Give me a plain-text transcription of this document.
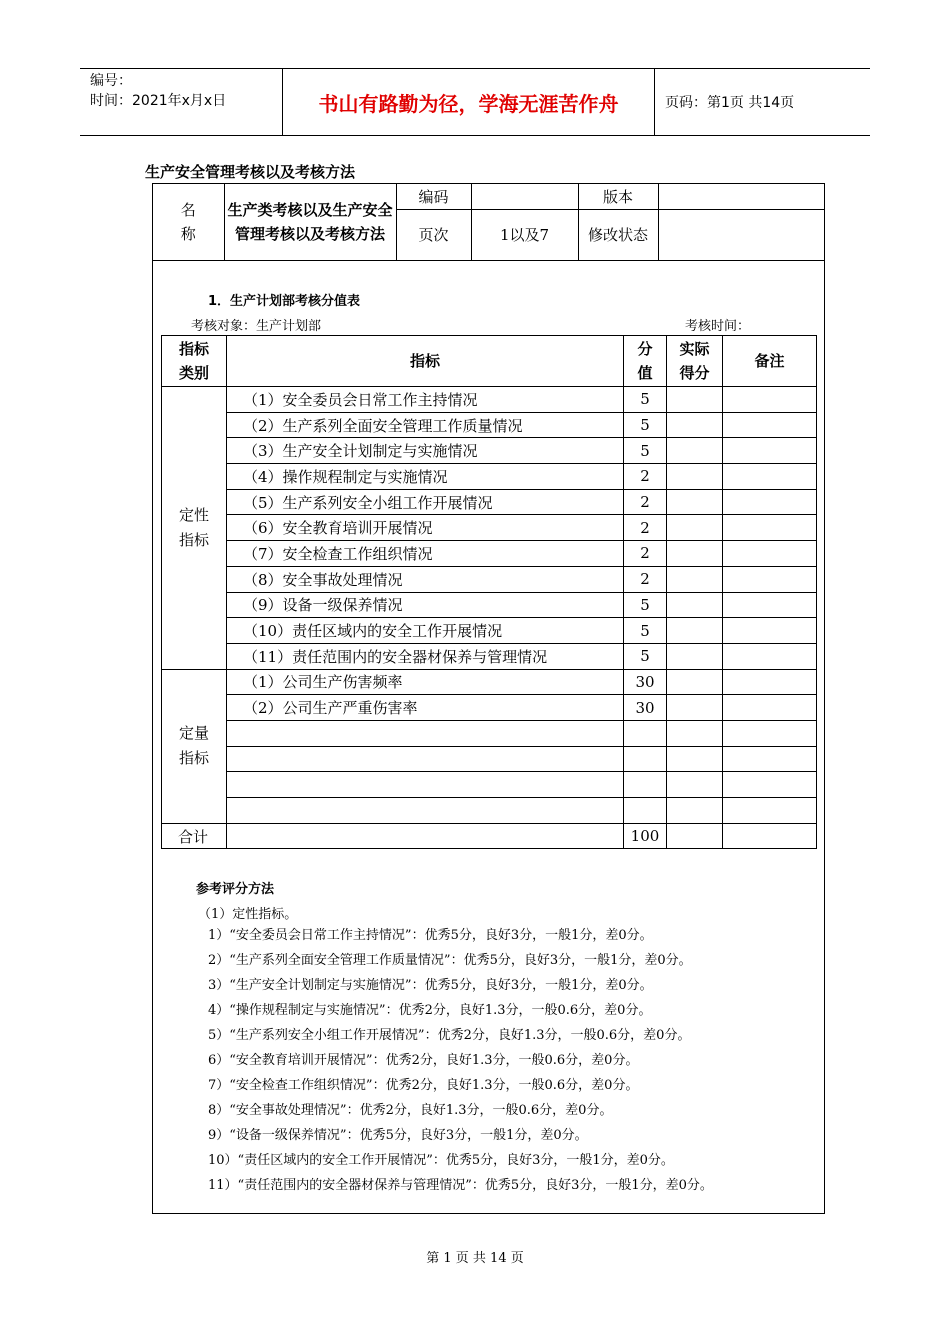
编号：
时间：2021年x月x日	书山有路勤为径，学海无涯苦作舟	页码：第1页 共14页
生产安全管理考核以及考核方法
名称	生产类考核以及生产安全管理考核以及考核方法	编码		版本	
		页次	1以及7	修改状态	
1．生产计划部考核分值表
考核对象：生产计划部	考核时间：
指标类别	指标	分值	实际得分	备注
定性指标	（1）安全委员会日常工作主持情况	5		
	（2）生产系列全面安全管理工作质量情况	5		
	（3）生产安全计划制定与实施情况	5		
	（4）操作规程制定与实施情况	2		
	（5）生产系列安全小组工作开展情况	2		
	（6）安全教育培训开展情况	2		
	（7）安全检查工作组织情况	2		
	（8）安全事故处理情况	2		
	（9）设备一级保养情况	5		
	（10）责任区域内的安全工作开展情况	5		
	（11）责任范围内的安全器材保养与管理情况	5		
定量指标	（1）公司生产伤害频率	30		
	（2）公司生产严重伤害率	30		

合计		100		
参考评分方法
（1）定性指标。
1）“安全委员会日常工作主持情况”：优秀5分，良好3分，一般1分，差0分。
2）“生产系列全面安全管理工作质量情况”：优秀5分，良好3分，一般1分，差0分。
3）“生产安全计划制定与实施情况”：优秀5分，良好3分，一般1分，差0分。
4）“操作规程制定与实施情况”：优秀2分，良好1.3分，一般0.6分，差0分。
5）“生产系列安全小组工作开展情况”：优秀2分，良好1.3分，一般0.6分，差0分。
6）“安全教育培训开展情况”：优秀2分，良好1.3分，一般0.6分，差0分。
7）“安全检查工作组织情况”：优秀2分，良好1.3分，一般0.6分，差0分。
8）“安全事故处理情况”：优秀2分，良好1.3分，一般0.6分，差0分。
9）“设备一级保养情况”：优秀5分，良好3分，一般1分，差0分。
10）“责任区域内的安全工作开展情况”：优秀5分，良好3分，一般1分，差0分。
11）“责任范围内的安全器材保养与管理情况”：优秀5分，良好3分，一般1分，差0分。
第 1 页 共 14 页
